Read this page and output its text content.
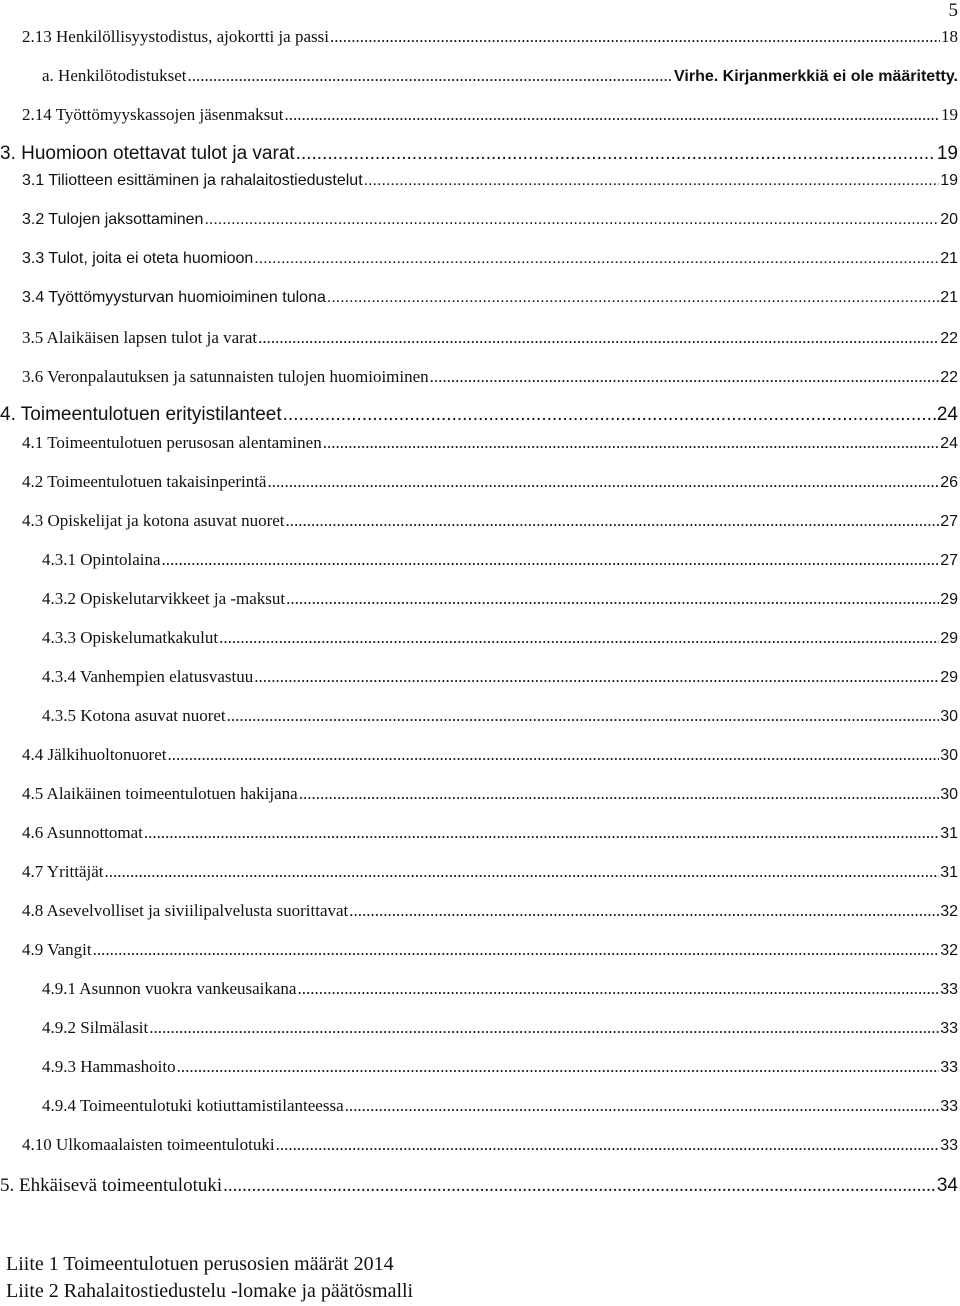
5
2.13 Henkilöllisyystodistus, ajokortti ja passi .....	18
a. Henkilötodistukset .....	Virhe. Kirjanmerkkiä ei ole määritetty.
2.14 Työttömyyskassojen jäsenmaksut .....	19
3. Huomioon otettavat tulot ja varat .....	19
3.1 Tiliotteen esittäminen ja rahalaitostiedustelut .....	19
3.2 Tulojen jaksottaminen .....	20
3.3 Tulot, joita ei oteta huomioon .....	21
3.4 Työttömyysturvan huomioiminen tulona .....	21
3.5 Alaikäisen lapsen tulot ja varat .....	22
3.6 Veronpalautuksen ja satunnaisten tulojen huomioiminen .....	22
4. Toimeentulotuen erityistilanteet .....	24
4.1 Toimeentulotuen perusosan alentaminen .....	24
4.2 Toimeentulotuen takaisinperintä .....	26
4.3 Opiskelijat ja kotona asuvat nuoret .....	27
4.3.1 Opintolaina .....	27
4.3.2 Opiskelutarvikkeet ja -maksut .....	29
4.3.3 Opiskelumatkakulut .....	29
4.3.4 Vanhempien elatusvastuu .....	29
4.3.5 Kotona asuvat nuoret .....	30
4.4 Jälkihuoltonuoret .....	30
4.5 Alaikäinen toimeentulotuen hakijana .....	30
4.6 Asunnottomat .....	31
4.7 Yrittäjät .....	31
4.8 Asevelvolliset ja siviilipalvelusta suorittavat .....	32
4.9 Vangit .....	32
4.9.1 Asunnon vuokra vankeusaikana .....	33
4.9.2 Silmälasit .....	33
4.9.3 Hammashoito .....	33
4.9.4 Toimeentulotuki kotiuttamistilanteessa .....	33
4.10 Ulkomaalaisten toimeentulotuki .....	33
5. Ehkäisevä toimeentulotuki .....	34
Liite 1 Toimeentulotuen perusosien määrät 2014
Liite 2 Rahalaitostiedustelu -lomake ja päätösmalli
